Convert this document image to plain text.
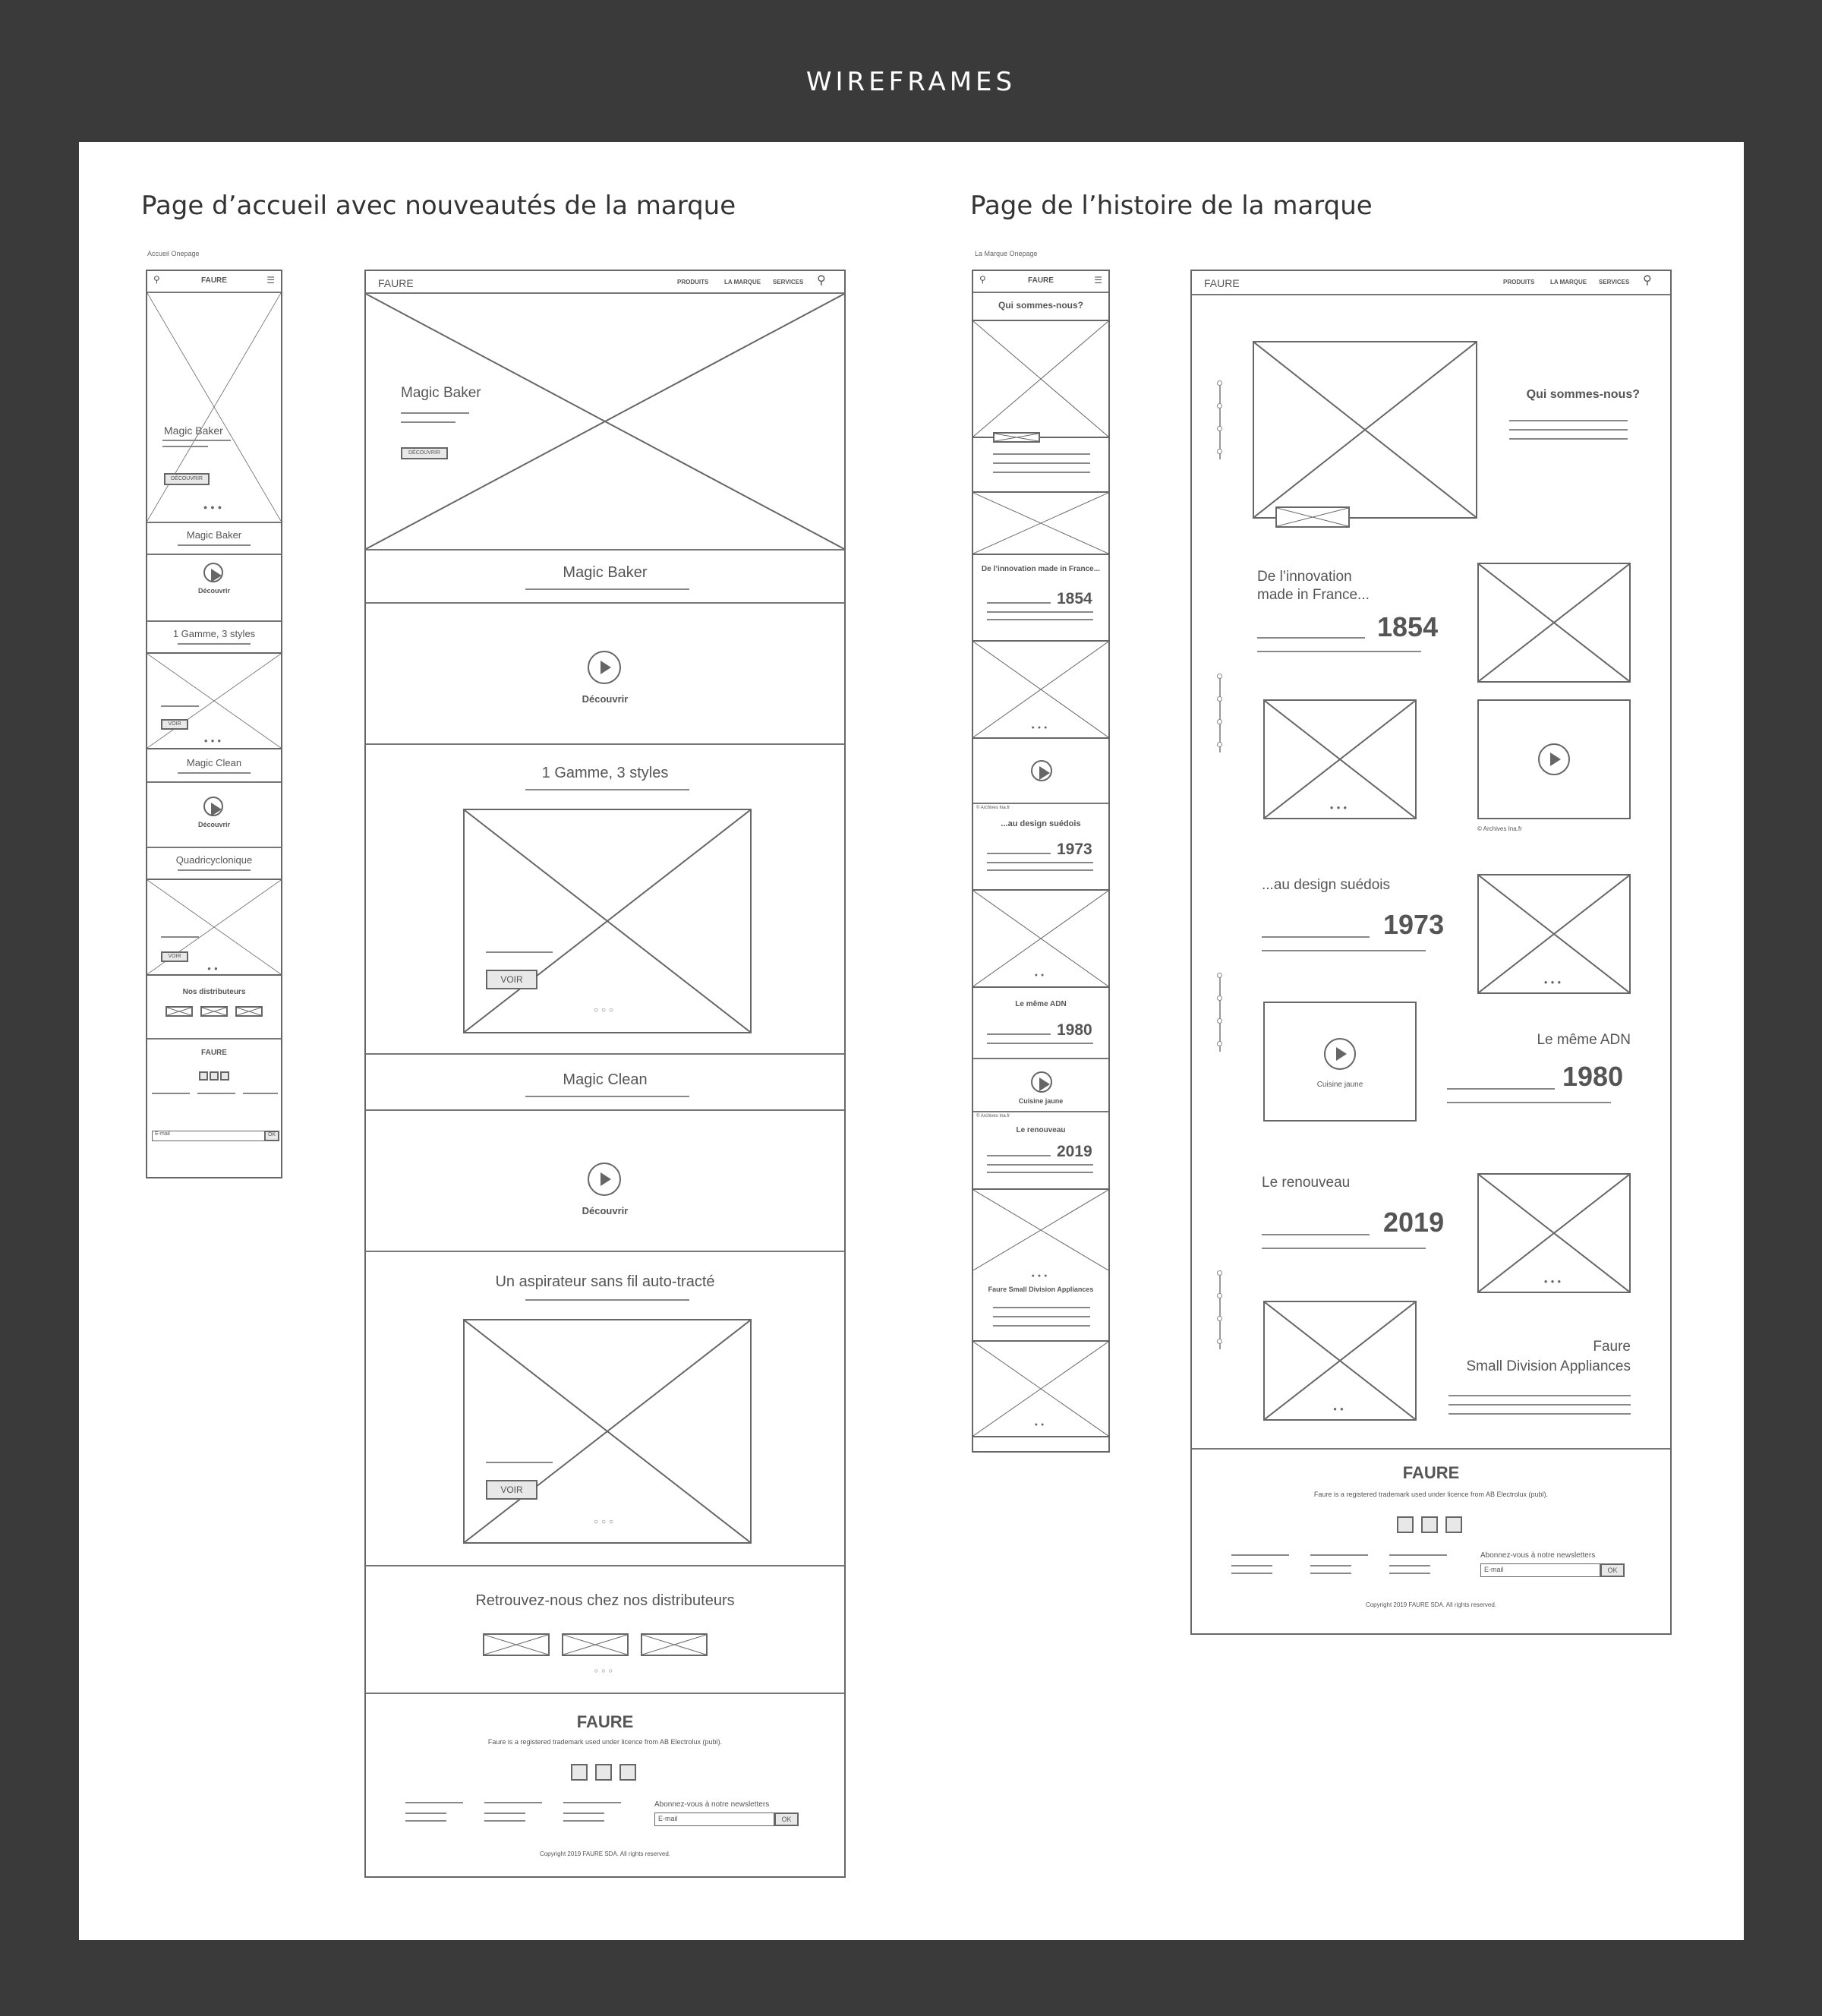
WIREFRAMES
Page d’accueil avec nouveautés de la marque
Accueil Onepage
⚲	FAURE	☰
Magic Baker
DÉCOUVRIR
●●●
Magic Baker
Découvrir
1 Gamme, 3 styles
VOIR
●●●
Magic Clean
Découvrir
Quadricyclonique
VOIR
●●
Nos distributeurs
FAURE
E-mail	OK
FAURE	PRODUITS	LA MARQUE SERVICES ⚲
Magic Baker
DÉCOUVRIR
Magic Baker
Découvrir
1 Gamme, 3 styles
VOIR
○○○
Magic Clean
Découvrir
Un aspirateur sans fil auto-tracté
VOIR
○○○
Retrouvez-nous chez nos distributeurs
○○○
FAURE
Faure is a registered trademark used under licence from AB Electrolux (publ).
Abonnez-vous à notre newsletters
E-mail	OK
Copyright 2019 FAURE SDA. All rights reserved.
Page de l’histoire de la marque
La Marque Onepage
⚲	FAURE	☰
Qui sommes-nous?
De l’innovation made in France...
1854
●●●
© Archives Ina.fr
...au design suédois
1973
●●
Le même ADN
1980
Cuisine jaune
© Archives Ina.fr
Le renouveau
2019
●●●
Faure Small Division Appliances
●●
FAURE	PRODUITS	LA MARQUE SERVICES ⚲
Qui sommes-nous?
De l’innovation
made in France...
1854
●●●
© Archives Ina.fr
...au design suédois
1973
●●●
Cuisine jaune
Le même ADN
1980
Le renouveau
2019
●●●
●●
Faure
Small Division Appliances
FAURE
Faure is a registered trademark used under licence from AB Electrolux (publ).
Abonnez-vous à notre newsletters
E-mail	OK
Copyright 2019 FAURE SDA. All rights reserved.
